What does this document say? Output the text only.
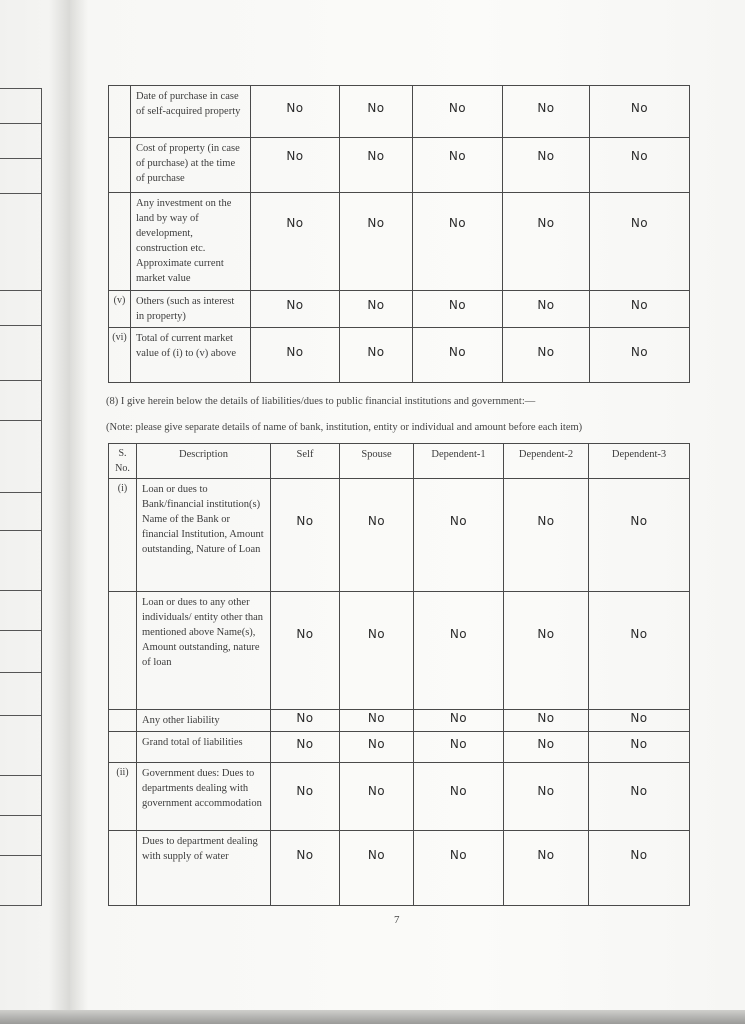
	Date of purchase in case of self-acquired property	No	No	No	No	No

	Cost of property (in case of purchase) at the time of purchase	No	No	No	No	No

	Any investment on the land by way of development, construction etc. Approximate current market value	No	No	No	No	No

(v)	Others (such as interest in property)	No	No	No	No	No

(vi)	Total of current market value of (i) to (v) above	No	No	No	No	No
(8) I give herein below the details of liabilities/dues to public financial institutions and government:—
(Note: please give separate details of name of bank, institution, entity or individual and amount before each item)
S. No.	Description	Self	Spouse	Dependent-1	Dependent-2	Dependent-3
(i)	Loan or dues to Bank/financial institution(s) Name of the Bank or financial Institution, Amount outstanding, Nature of Loan	No	No	No	No	No

	Loan or dues to any other individuals/ entity other than mentioned above Name(s), Amount outstanding, nature of loan	No	No	No	No	No

	Any other liability	No	No	No	No	No

	Grand total of liabilities	No	No	No	No	No

(ii)	Government dues: Dues to departments dealing with government accommodation	No	No	No	No	No

	Dues to department dealing with supply of water	No	No	No	No	No
7
